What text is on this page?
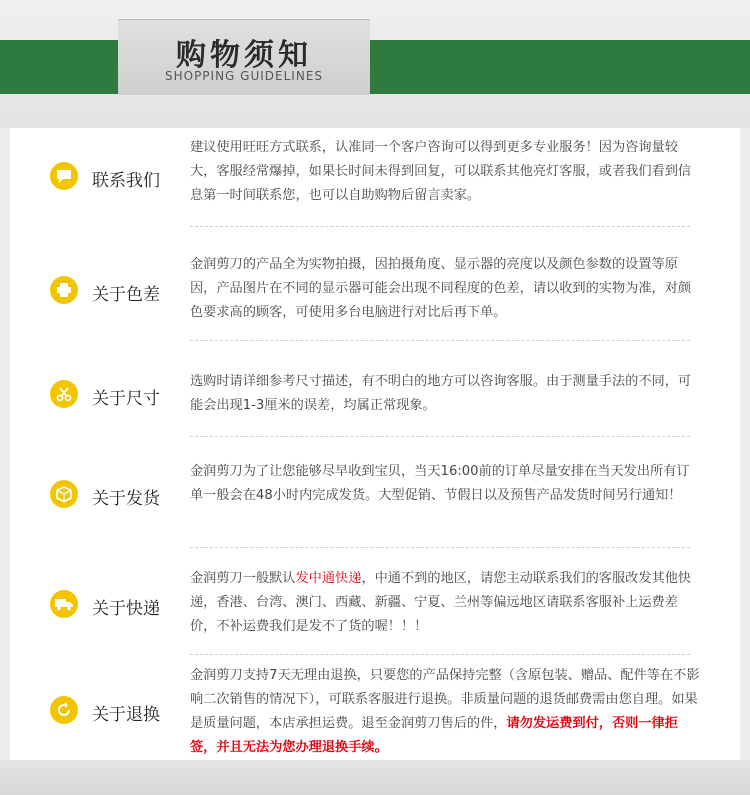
购物须知
SHOPPING GUIDELINES
联系我们
建议使用旺旺方式联系，认准同一个客户咨询可以得到更多专业服务！因为咨询量较大，客服经常爆掉，如果长时间未得到回复，可以联系其他亮灯客服，或者我们看到信息第一时间联系您，也可以自助购物后留言卖家。
关于色差
金润剪刀的产品全为实物拍摄，因拍摄角度、显示器的亮度以及颜色参数的设置等原因，产品图片在不同的显示器可能会出现不同程度的色差，请以收到的实物为准，对颜色要求高的顾客，可使用多台电脑进行对比后再下单。
关于尺寸
选购时请详细参考尺寸描述，有不明白的地方可以咨询客服。由于测量手法的不同，可能会出现1-3厘米的误差，均属正常现象。
关于发货
金润剪刀为了让您能够尽早收到宝贝，当天16:00前的订单尽量安排在当天发出所有订单一般会在48小时内完成发货。大型促销、节假日以及预售产品发货时间另行通知！
关于快递
金润剪刀一般默认发中通快递，中通不到的地区，请您主动联系我们的客服改发其他快递，香港、台湾、澳门、西藏、新疆、宁夏、兰州等偏远地区请联系客服补上运费差价，不补运费我们是发不了货的喔！！！
关于退换
金润剪刀支持7天无理由退换，只要您的产品保持完整（含原包装、赠品、配件等在不影响二次销售的情况下），可联系客服进行退换。非质量问题的退货邮费需由您自理。如果是质量问题，本店承担运费。退至金润剪刀售后的件，请勿发运费到付，否则一律拒签，并且无法为您办理退换手续。
